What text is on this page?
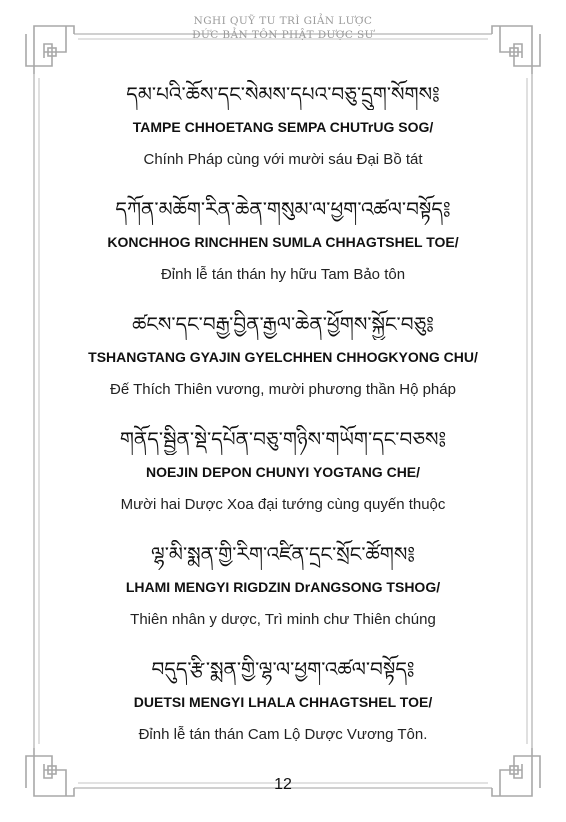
NGHI QUỸ TU TRÌ GIẢN LƯỢC
ĐỨC BẢN TÔN PHẬT DƯỢC SƯ
དམ་པའི་ཆོས་དང་སེམས་དཔའ་བཅུ་དྲུག་སོགས༔
TAMPE CHHOETANG SEMPA CHUTrUG SOG/
Chính Pháp cùng với mười sáu Đại Bồ tát
དཀོན་མཆོག་རིན་ཆེན་གསུམ་ལ་ཕྱག་འཚལ་བསྟོད༔
KONCHHOG RINCHHEN SUMLA CHHAGTSHEL TOE/
Đỉnh lễ tán thán hy hữu Tam Bảo tôn
ཚངས་དང་བརྒྱ་བྱིན་རྒྱལ་ཆེན་ཕྱོགས་སྐྱོང་བཅུ༔
TSHANGTANG GYAJIN GYELCHHEN CHHOGKYONG CHU/
Đế Thích Thiên vương, mười phương thần Hộ pháp
གནོད་སྦྱིན་སྡེ་དཔོན་བཅུ་གཉིས་གཡོག་དང་བཅས༔
NOEJIN DEPON CHUNYI YOGTANG CHE/
Mười hai Dược Xoa đại tướng cùng quyến thuộc
ལྷ་མི་སྨན་གྱི་རིག་འཛིན་དྲང་སྲོང་ཚོགས༔
LHAMI MENGYI RIGDZIN DrANGSONG TSHOG/
Thiên nhân y dược, Trì minh chư Thiên chúng
བདུད་རྩི་སྨན་གྱི་ལྷ་ལ་ཕྱག་འཚལ་བསྟོད༔
DUETSI MENGYI LHALA CHHAGTSHEL TOE/
Đỉnh lễ tán thán Cam Lộ Dược Vương Tôn.
12
